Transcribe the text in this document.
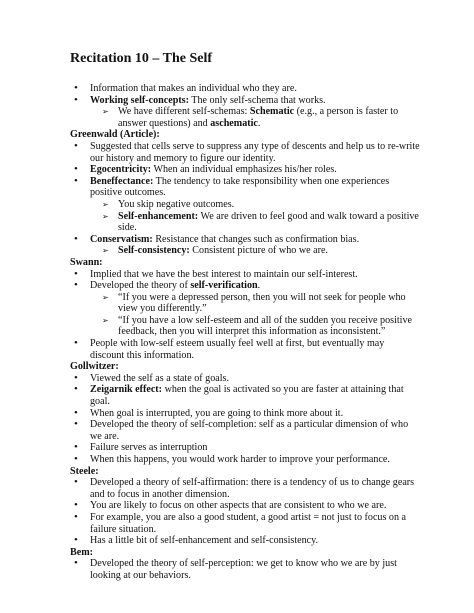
Recitation 10 – The Self
• Information that makes an individual who they are.
• Working self-concepts: The only self-schema that works.
➢ We have different self-schemas: Schematic (e.g., a person is faster to answer questions) and aschematic.

Greenwald (Article):

• Suggested that cells serve to suppress any type of descents and help us to re-write our history and memory to figure our identity.
• Egocentricity: When an individual emphasizes his/her roles.
• Beneffectance: The tendency to take responsibility when one experiences positive outcomes.
➢ You skip negative outcomes.
➢ Self-enhancement: We are driven to feel good and walk toward a positive side.
• Conservatism: Resistance that changes such as confirmation bias.
➢ Self-consistency: Consistent picture of who we are.

Swann:

• Implied that we have the best interest to maintain our self-interest.
• Developed the theory of self-verification.
➢ “If you were a depressed person, then you will not seek for people who view you differently.”
➢ “If you have a low self-esteem and all of the sudden you receive positive feedback, then you will interpret this information as inconsistent.”
• People with low-self esteem usually feel well at first, but eventually may discount this information.

Gollwitzer:

• Viewed the self as a state of goals.
• Zeigarnik effect: when the goal is activated so you are faster at attaining that goal.
• When goal is interrupted, you are going to think more about it.
• Developed the theory of self-completion: self as a particular dimension of who we are.
• Failure serves as interruption
• When this happens, you would work harder to improve your performance.

Steele:

• Developed a theory of self-affirmation: there is a tendency of us to change gears and to focus in another dimension.
• You are likely to focus on other aspects that are consistent to who we are.
• For example, you are also a good student, a good artist = not just to focus on a failure situation.
• Has a little bit of self-enhancement and self-consistency.

Bem:

• Developed the theory of self-perception: we get to know who we are by just looking at our behaviors.
